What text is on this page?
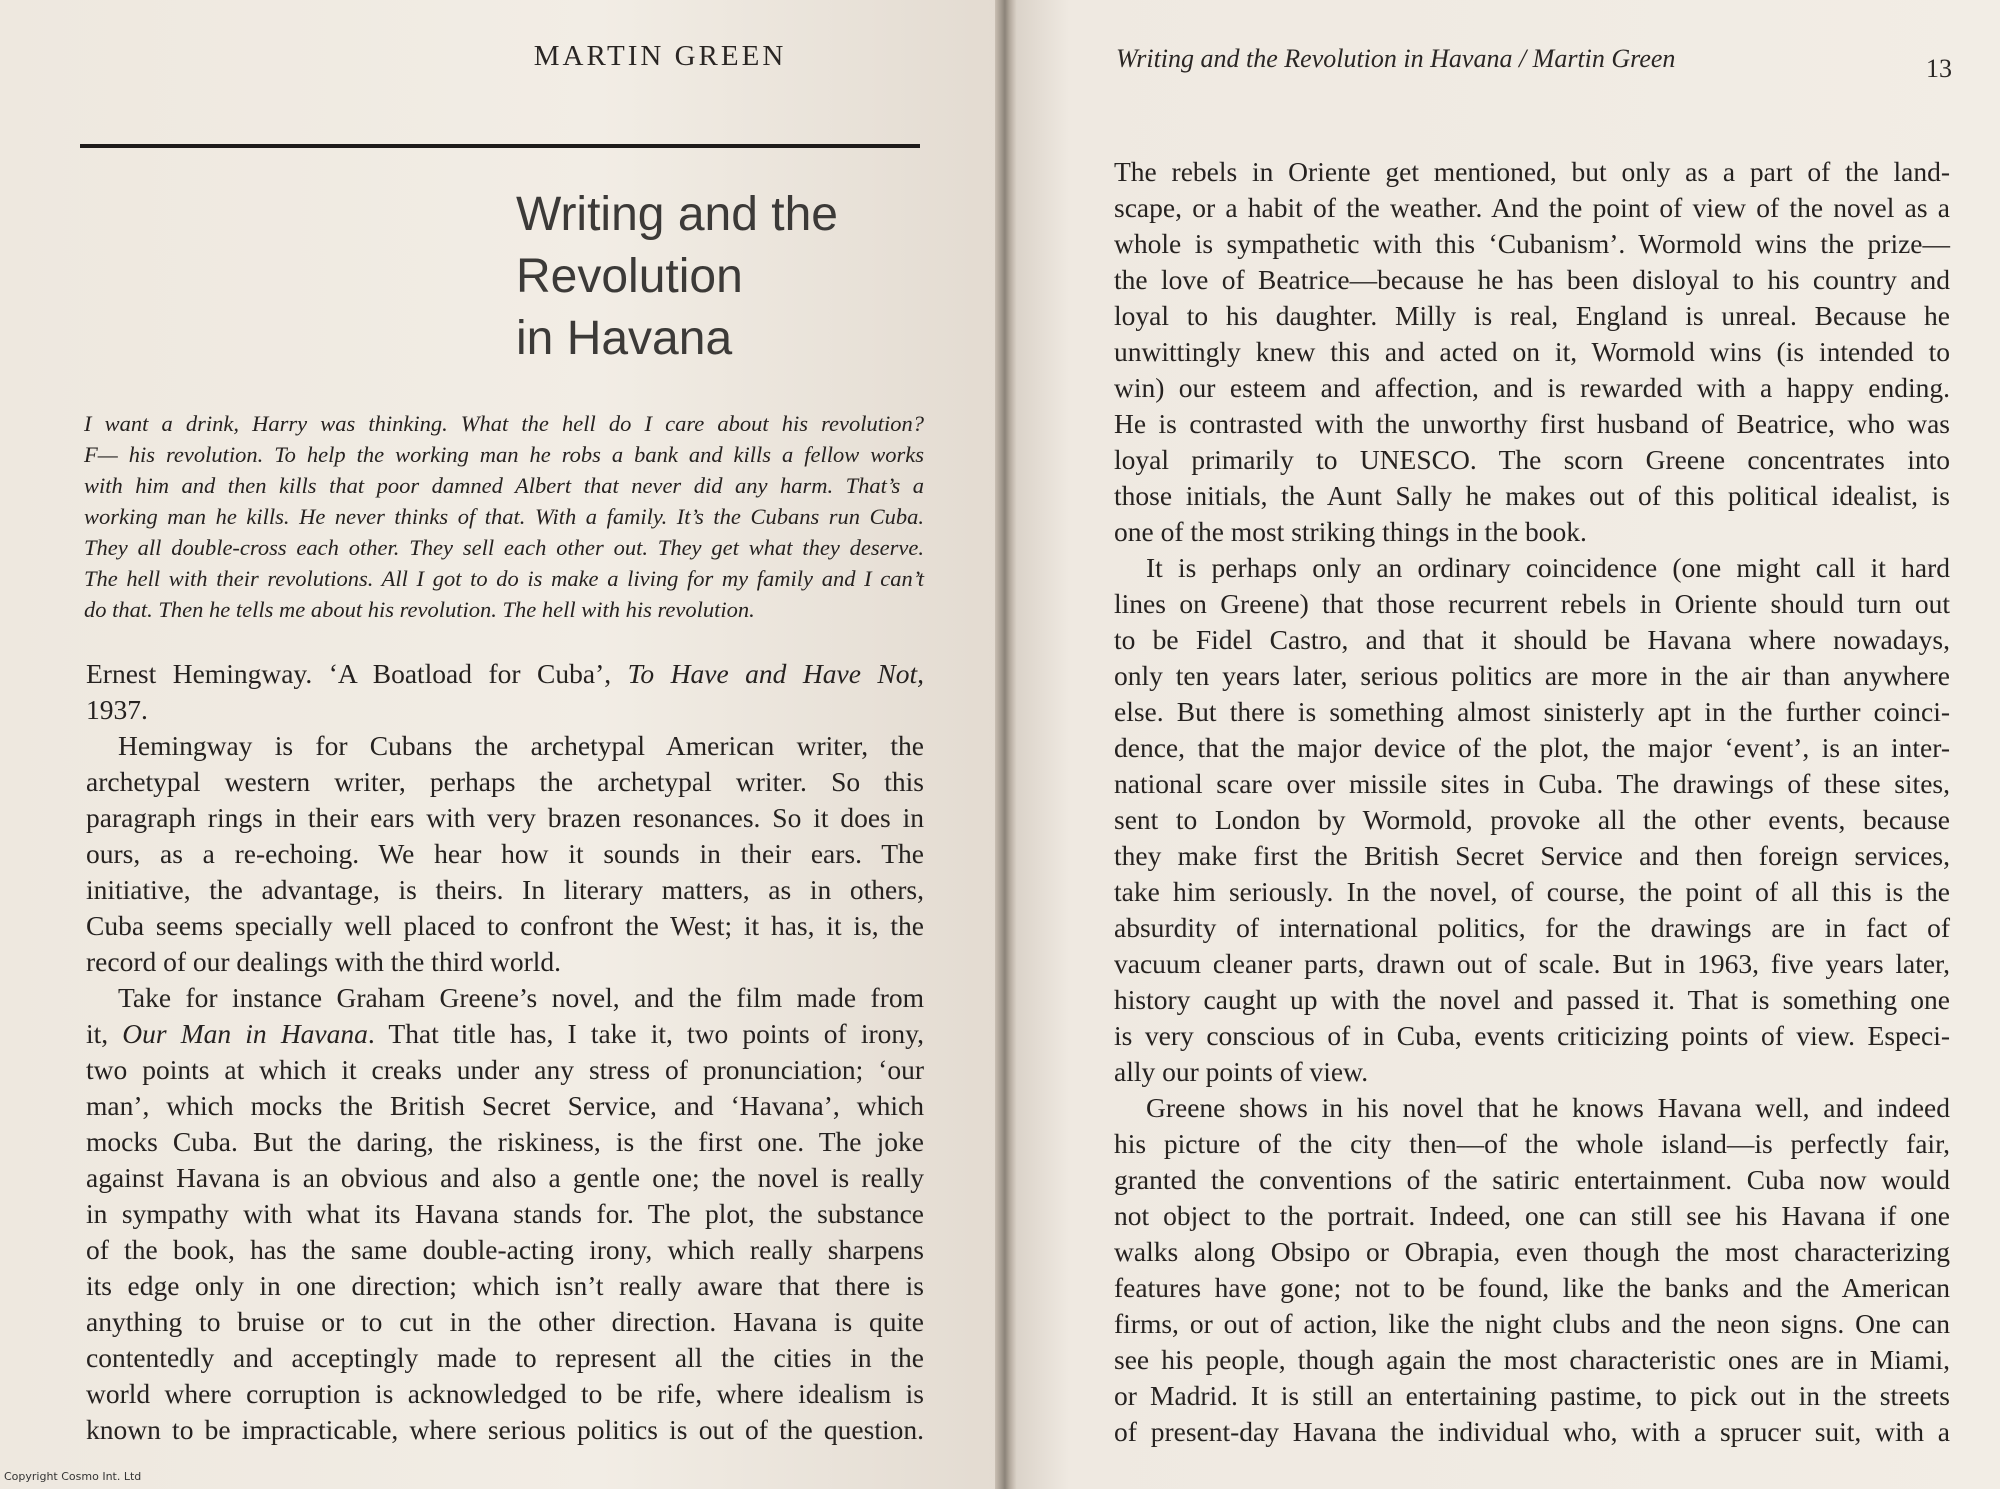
MARTIN GREEN
Writing and the
Revolution
in Havana
I want a drink, Harry was thinking. What the hell do I care about his revolution?
F— his revolution. To help the working man he robs a bank and kills a fellow works
with him and then kills that poor damned Albert that never did any harm. That’s a
working man he kills. He never thinks of that. With a family. It’s the Cubans run Cuba.
They all double-cross each other. They sell each other out. They get what they deserve.
The hell with their revolutions. All I got to do is make a living for my family and I can’t
do that. Then he tells me about his revolution. The hell with his revolution.
Ernest Hemingway. ‘A Boatload for Cuba’, To Have and Have Not,
1937.
Hemingway is for Cubans the archetypal American writer, the
archetypal western writer, perhaps the archetypal writer. So this
paragraph rings in their ears with very brazen resonances. So it does in
ours, as a re-echoing. We hear how it sounds in their ears. The
initiative, the advantage, is theirs. In literary matters, as in others,
Cuba seems specially well placed to confront the West; it has, it is, the
record of our dealings with the third world.
Take for instance Graham Greene’s novel, and the film made from
it, Our Man in Havana. That title has, I take it, two points of irony,
two points at which it creaks under any stress of pronunciation; ‘our
man’, which mocks the British Secret Service, and ‘Havana’, which
mocks Cuba. But the daring, the riskiness, is the first one. The joke
against Havana is an obvious and also a gentle one; the novel is really
in sympathy with what its Havana stands for. The plot, the substance
of the book, has the same double-acting irony, which really sharpens
its edge only in one direction; which isn’t really aware that there is
anything to bruise or to cut in the other direction. Havana is quite
contentedly and acceptingly made to represent all the cities in the
world where corruption is acknowledged to be rife, where idealism is
known to be impracticable, where serious politics is out of the question.
Copyright Cosmo Int. Ltd
Writing and the Revolution in Havana / Martin Green	13
The rebels in Oriente get mentioned, but only as a part of the land-
scape, or a habit of the weather. And the point of view of the novel as a
whole is sympathetic with this ‘Cubanism’. Wormold wins the prize—
the love of Beatrice—because he has been disloyal to his country and
loyal to his daughter. Milly is real, England is unreal. Because he
unwittingly knew this and acted on it, Wormold wins (is intended to
win) our esteem and affection, and is rewarded with a happy ending.
He is contrasted with the unworthy first husband of Beatrice, who was
loyal primarily to UNESCO. The scorn Greene concentrates into
those initials, the Aunt Sally he makes out of this political idealist, is
one of the most striking things in the book.
It is perhaps only an ordinary coincidence (one might call it hard
lines on Greene) that those recurrent rebels in Oriente should turn out
to be Fidel Castro, and that it should be Havana where nowadays,
only ten years later, serious politics are more in the air than anywhere
else. But there is something almost sinisterly apt in the further coinci-
dence, that the major device of the plot, the major ‘event’, is an inter-
national scare over missile sites in Cuba. The drawings of these sites,
sent to London by Wormold, provoke all the other events, because
they make first the British Secret Service and then foreign services,
take him seriously. In the novel, of course, the point of all this is the
absurdity of international politics, for the drawings are in fact of
vacuum cleaner parts, drawn out of scale. But in 1963, five years later,
history caught up with the novel and passed it. That is something one
is very conscious of in Cuba, events criticizing points of view. Especi-
ally our points of view.
Greene shows in his novel that he knows Havana well, and indeed
his picture of the city then—of the whole island—is perfectly fair,
granted the conventions of the satiric entertainment. Cuba now would
not object to the portrait. Indeed, one can still see his Havana if one
walks along Obsipo or Obrapia, even though the most characterizing
features have gone; not to be found, like the banks and the American
firms, or out of action, like the night clubs and the neon signs. One can
see his people, though again the most characteristic ones are in Miami,
or Madrid. It is still an entertaining pastime, to pick out in the streets
of present-day Havana the individual who, with a sprucer suit, with a
